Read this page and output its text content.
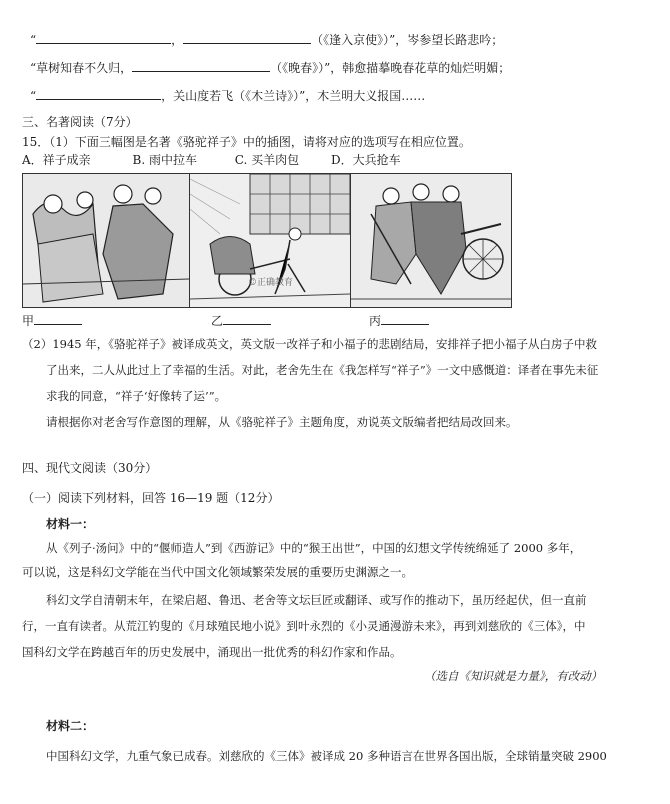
“	，	（《逢入京使》）”，岑参望长路悲吟；
“草树知春不久归，	（《晚春》）”，韩愈描摹晚春花草的灿烂明媚；
“	，关山度若飞（《木兰诗》）”，木兰明大义报国……
三、名著阅读（7分）
15．（1）下面三幅图是名著《骆驼祥子》中的插图，请将对应的选项写在相应位置。
A．祥子成亲	B. 雨中拉车	C. 买羊肉包	D．大兵抢车
©正确教育
甲	乙	丙
（2）1945 年，《骆驼祥子》被译成英文，英文版一改祥子和小福子的悲剧结局，安排祥子把小福子从白房子中救
了出来，二人从此过上了幸福的生活。对此，老舍先生在《我怎样写“祥子”》一文中感慨道：译者在事先未征
求我的同意，“祥子‘好像转了运’”。
请根据你对老舍写作意图的理解，从《骆驼祥子》主题角度，劝说英文版编者把结局改回来。
四、现代文阅读（30分）
（一）阅读下列材料，回答 16—19 题（12分）
材料一：
从《列子·汤问》中的“偃师造人”到《西游记》中的“猴王出世”，中国的幻想文学传统绵延了 2000 多年，
可以说，这是科幻文学能在当代中国文化领域繁荣发展的重要历史渊源之一。
科幻文学自清朝末年，在梁启超、鲁迅、老舍等文坛巨匠或翻译、或写作的推动下，虽历经起伏，但一直前
行，一直有读者。从荒江钓叟的《月球殖民地小说》到叶永烈的《小灵通漫游未来》，再到刘慈欣的《三体》，中
国科幻文学在跨越百年的历史发展中，涌现出一批优秀的科幻作家和作品。
（选自《知识就是力量》，有改动）
材料二：
中国科幻文学，九重气象已成春。刘慈欣的《三体》被译成 20 多种语言在世界各国出版，全球销量突破 2900
